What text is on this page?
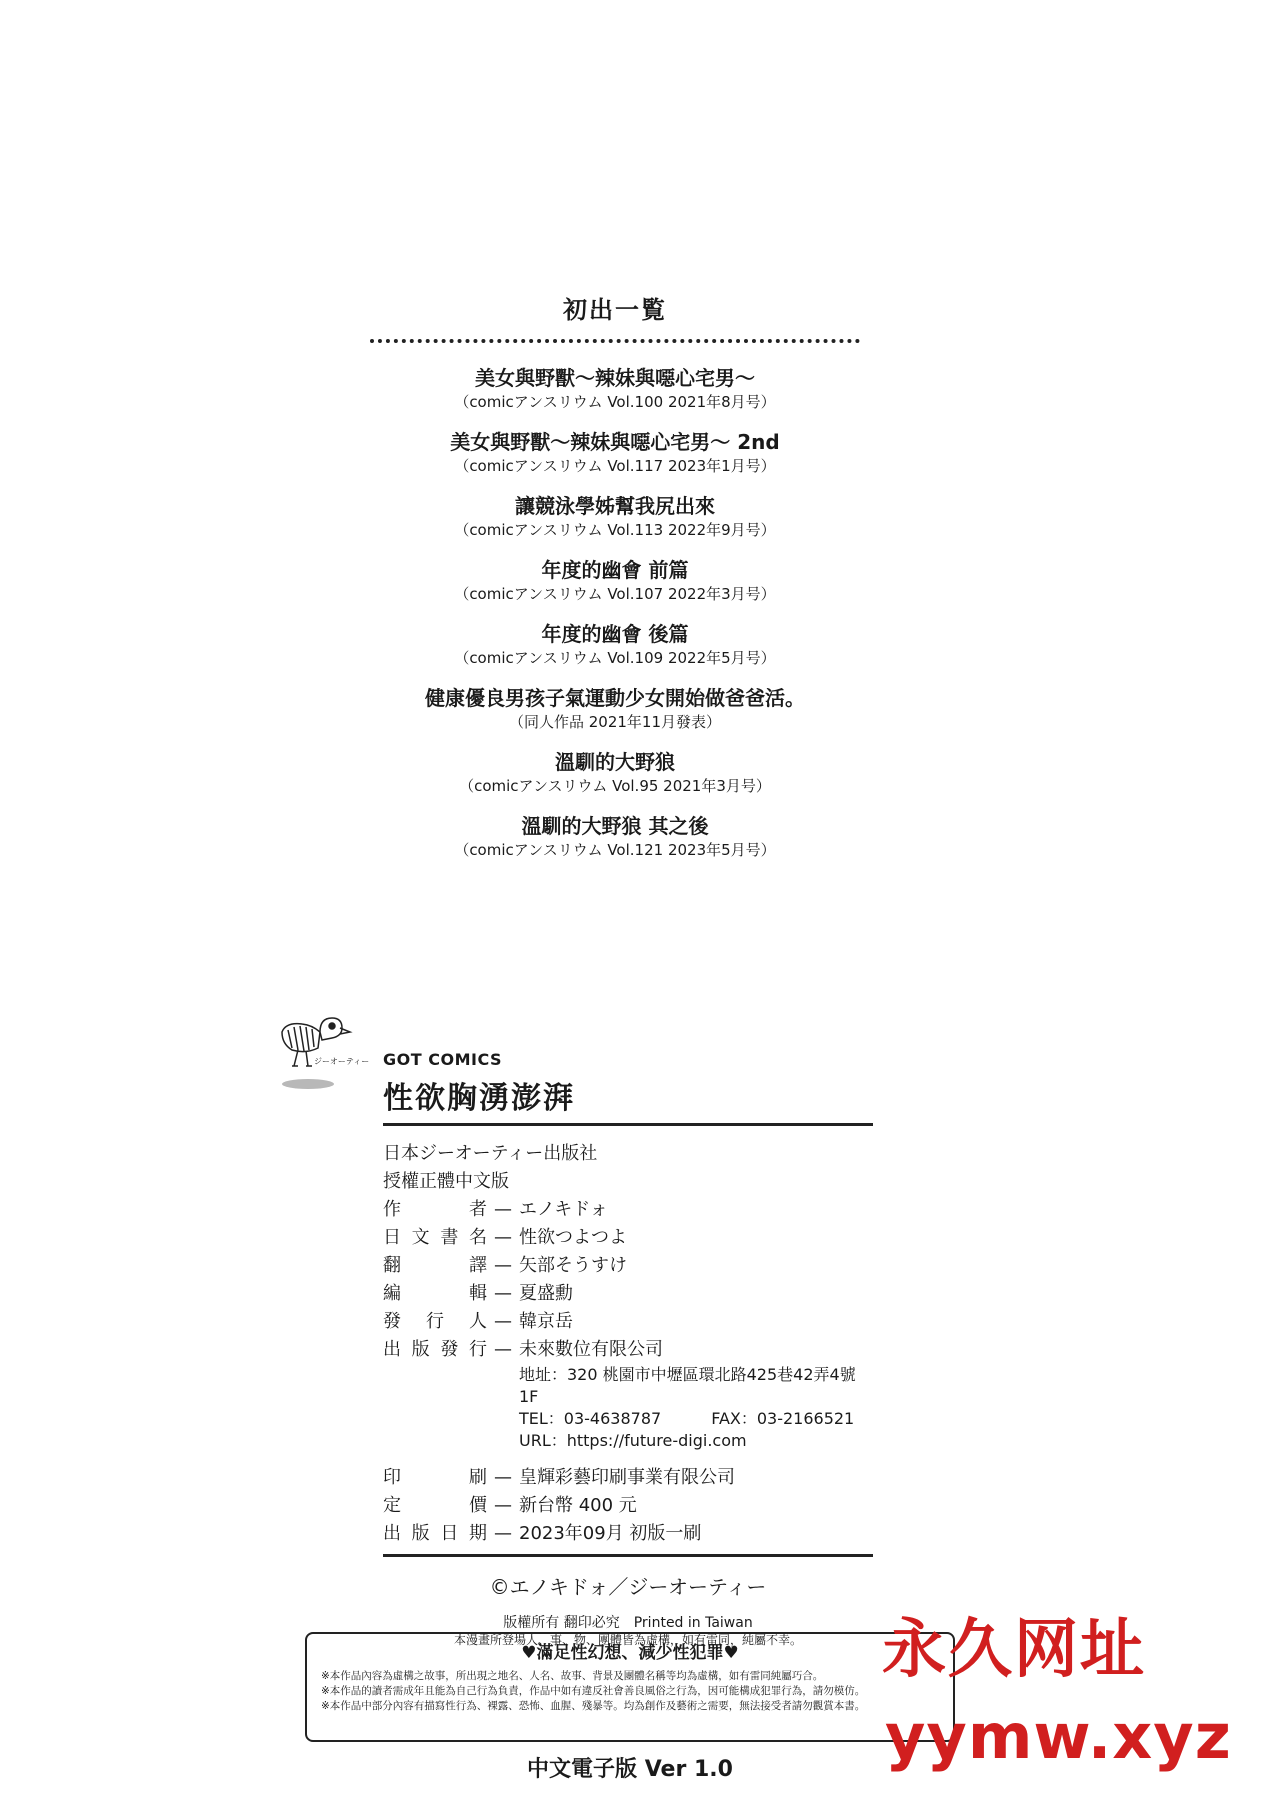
初出一覧
美女與野獸～辣妹與噁心宅男～
（comicアンスリウム Vol.100 2021年8月号）
美女與野獸～辣妹與噁心宅男～ 2nd
（comicアンスリウム Vol.117 2023年1月号）
讓競泳學姊幫我尻出來
（comicアンスリウム Vol.113 2022年9月号）
年度的幽會 前篇
（comicアンスリウム Vol.107 2022年3月号）
年度的幽會 後篇
（comicアンスリウム Vol.109 2022年5月号）
健康優良男孩子氣運動少女開始做爸爸活。
（同人作品 2021年11月發表）
溫馴的大野狼
（comicアンスリウム Vol.95 2021年3月号）
溫馴的大野狼 其之後
（comicアンスリウム Vol.121 2023年5月号）
ジーオーティー GOT COMICS
性欲胸湧澎湃
日本ジーオーティー出版社
授權正體中文版
作者 — エノキドォ
日文書名 — 性欲つよつよ
翻譯 — 矢部そうすけ
編輯 — 夏盛勳
發行人 — 韓京岳
出版發行 — 未來數位有限公司
地址：320 桃園市中壢區環北路425巷42弄4號1F
TEL：03-4638787	FAX：03-2166521
URL：https://future-digi.com
印刷 — 皇輝彩藝印刷事業有限公司
定價 — 新台幣 400 元
出版日期 — 2023年09月 初版一刷
©エノキドォ／ジーオーティー
版權所有 翻印必究 Printed in Taiwan
本漫畫所登場人、事、物、團體皆為虛構，如有雷同，純屬不幸。
♥滿足性幻想、減少性犯罪♥
※本作品內容為虛構之故事，所出現之地名、人名、故事、背景及團體名稱等均為虛構，如有雷同純屬巧合。
※本作品的讀者需成年且能為自己行為負責，作品中如有違反社會善良風俗之行為，因可能構成犯罪行為，請勿模仿。
※本作品中部分內容有描寫性行為、裸露、恐怖、血腥、殘暴等。均為創作及藝術之需要，無法接受者請勿觀賞本書。
中文電子版 Ver 1.0
永久网址
yymw.xyz
